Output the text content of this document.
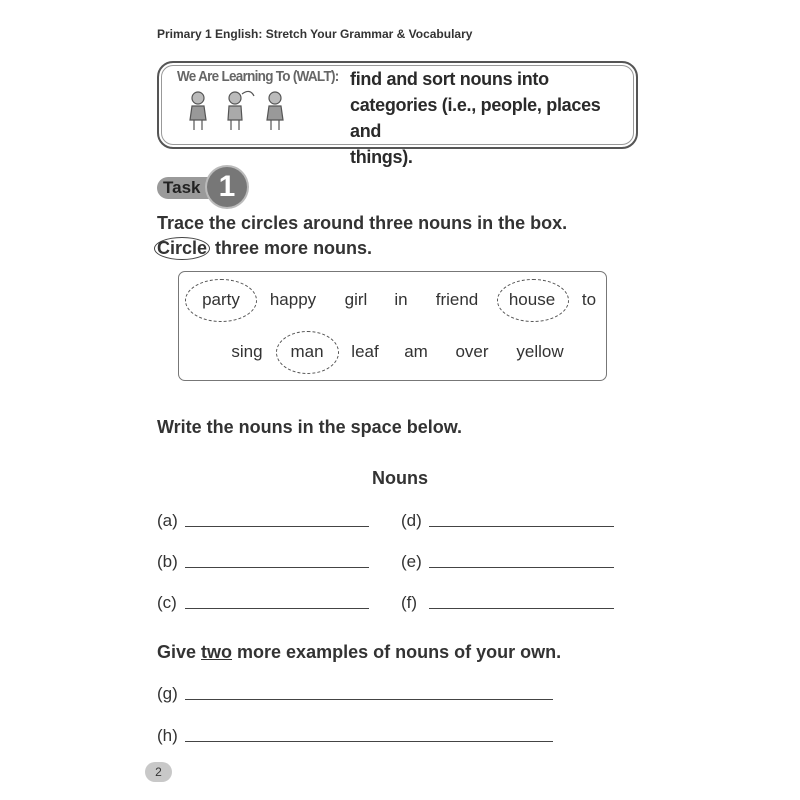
Primary 1 English: Stretch Your Grammar & Vocabulary
We Are Learning To (WALT): find and sort nouns into
categories (i.e., people, places and
things).
Task 1
Trace the circles around three nouns in the box.
Circle three more nouns.
party happy girl in friend house to
sing man leaf am over yellow
Write the nouns in the space below.
Nouns
(a)
(b)
(c)
(d)
(e)
(f)
Give two more examples of nouns of your own.
(g)
(h)
2
